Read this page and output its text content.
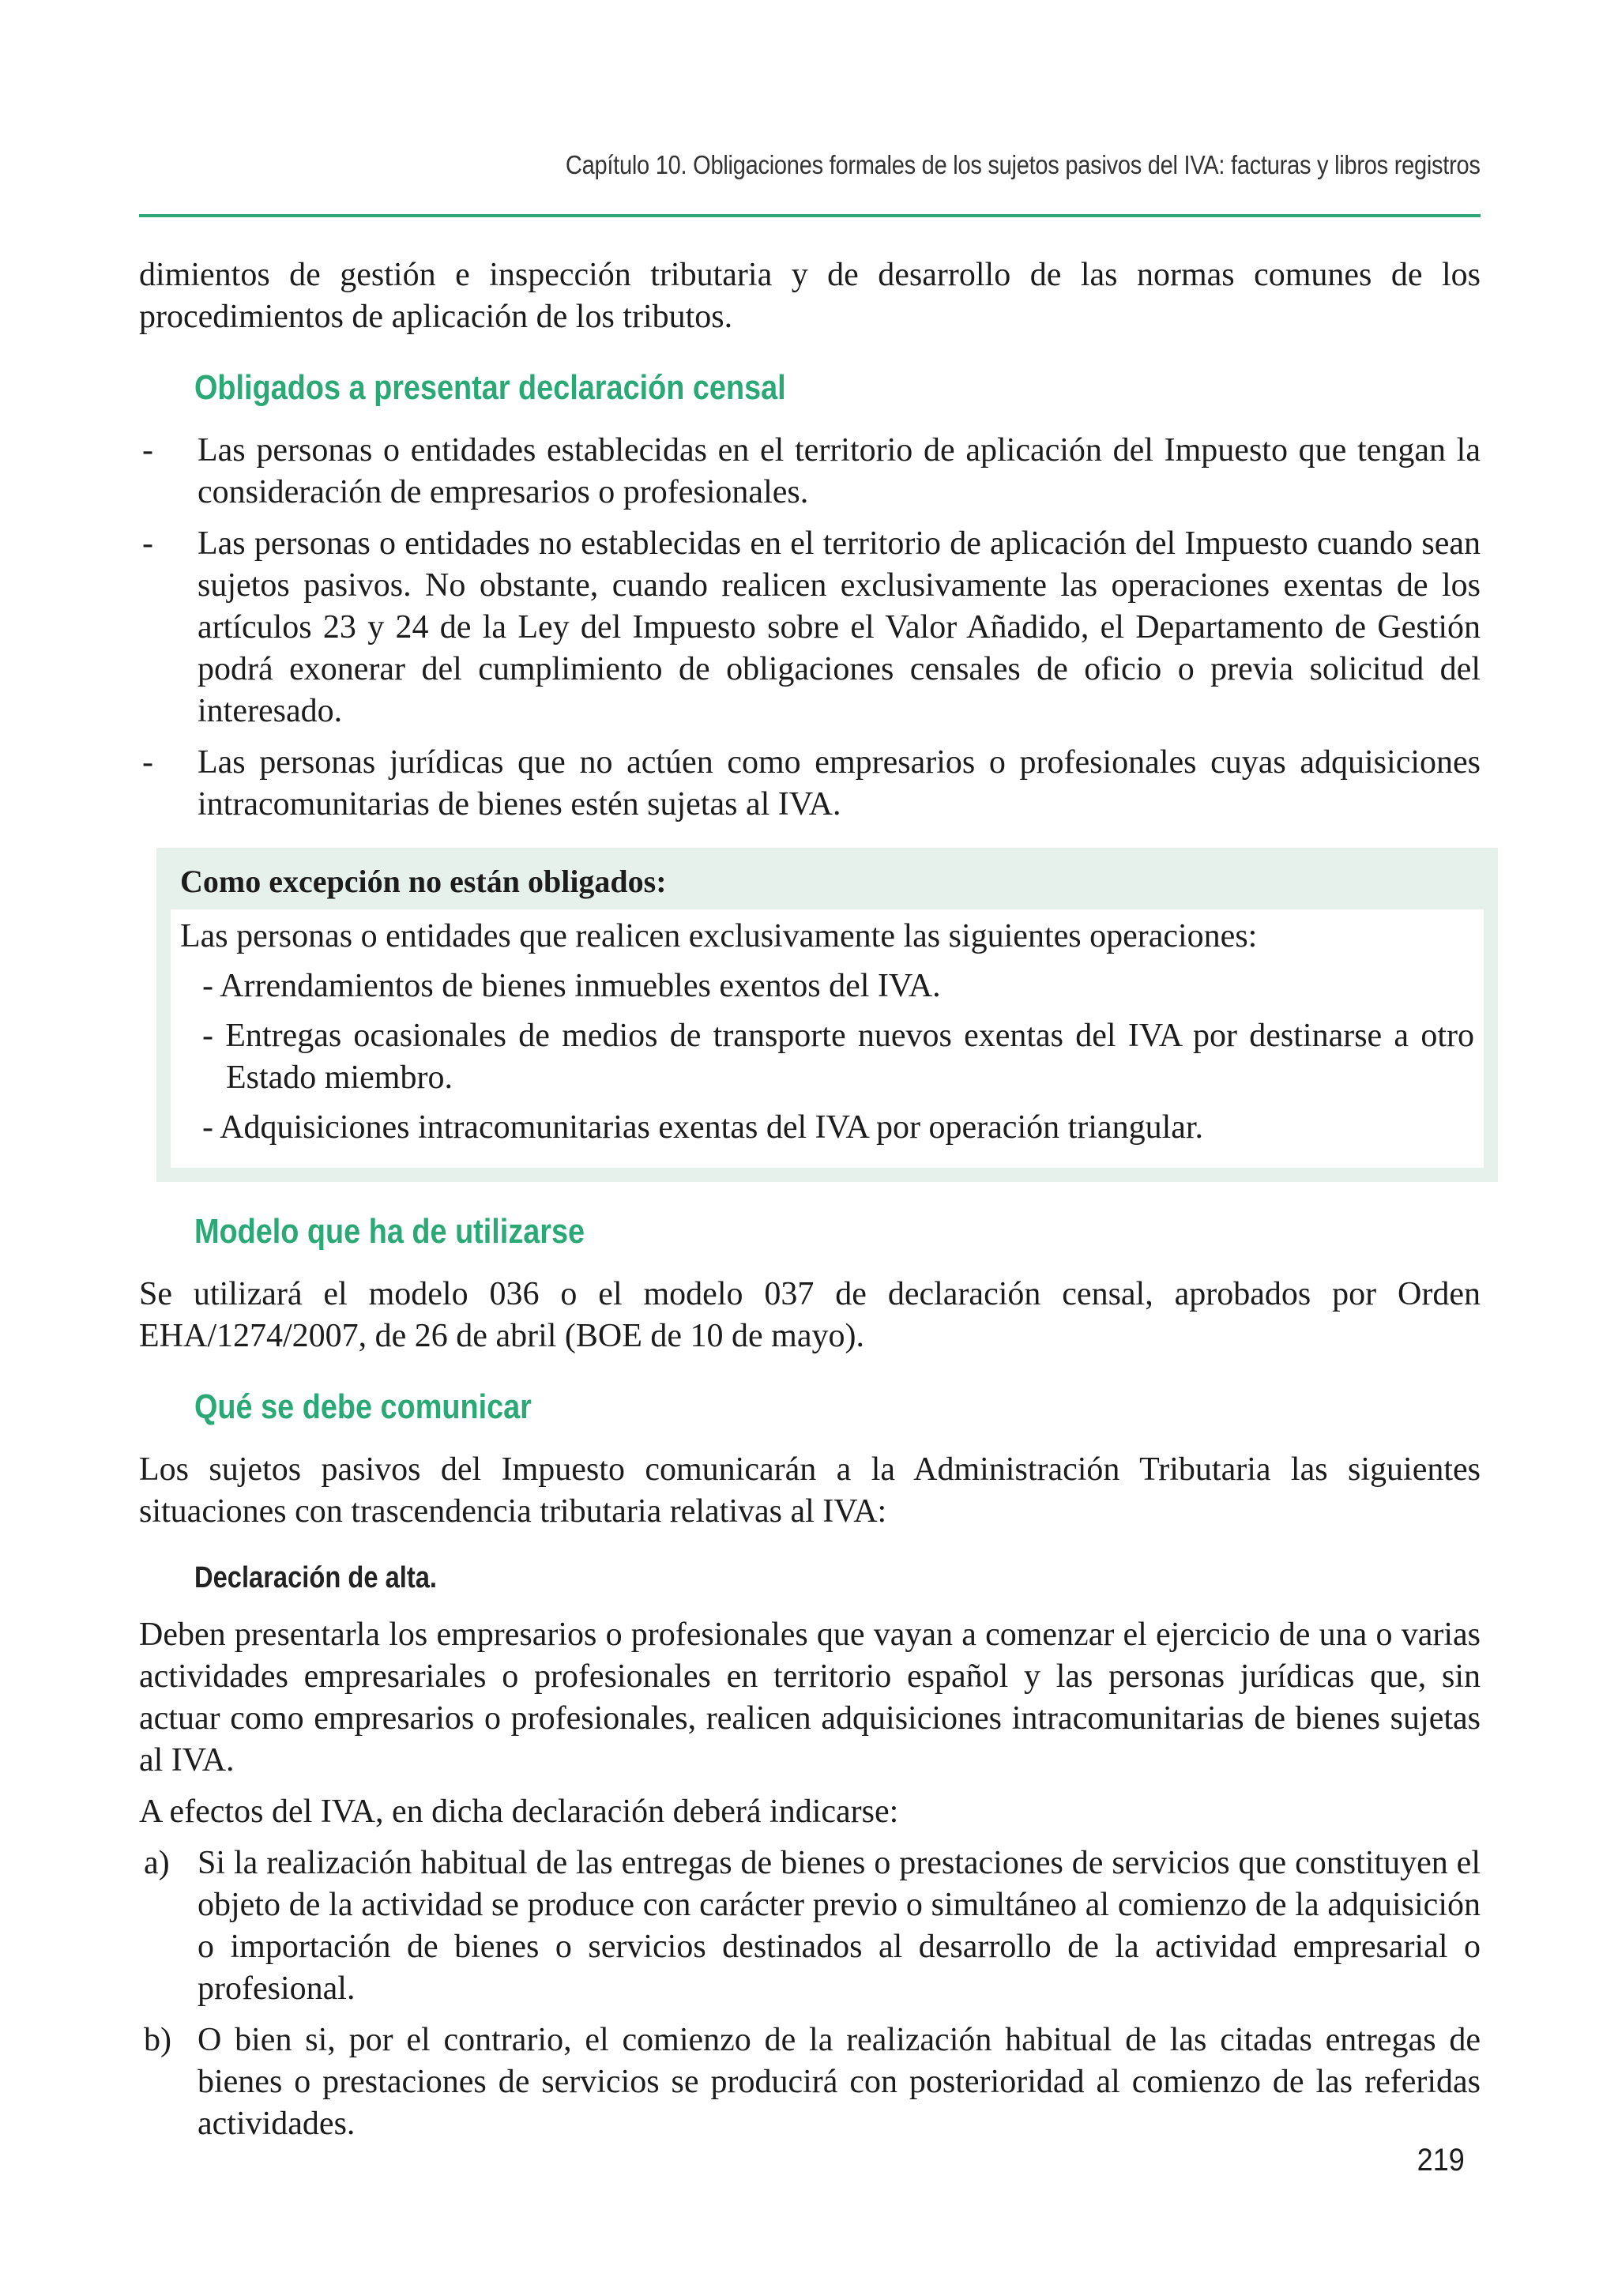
Capítulo 10. Obligaciones formales de los sujetos pasivos del IVA: facturas y libros registros

dimientos de gestión e inspección tributaria y de desarrollo de las normas comunes de los procedimientos de aplicación de los tributos.

Obligados a presentar declaración censal
- Las personas o entidades establecidas en el territorio de aplicación del Impuesto que tengan la consideración de empresarios o profesionales.
- Las personas o entidades no establecidas en el territorio de aplicación del Impuesto cuando sean sujetos pasivos. No obstante, cuando realicen exclusivamente las operaciones exentas de los artículos 23 y 24 de la Ley del Impuesto sobre el Valor Añadido, el Departamento de Gestión podrá exonerar del cumplimiento de obligaciones censales de oficio o previa solicitud del interesado.
- Las personas jurídicas que no actúen como empresarios o profesionales cuyas adquisiciones intracomunitarias de bienes estén sujetas al IVA.
Como excepción no están obligados:

Las personas o entidades que realicen exclusivamente las siguientes operaciones:

- Arrendamientos de bienes inmuebles exentos del IVA.
- Entregas ocasionales de medios de transporte nuevos exentas del IVA por destinarse a otro Estado miembro.
- Adquisiciones intracomunitarias exentas del IVA por operación triangular.
Modelo que ha de utilizarse

Se utilizará el modelo 036 o el modelo 037 de declaración censal, aprobados por Orden EHA/1274/2007, de 26 de abril (BOE de 10 de mayo).

Qué se debe comunicar

Los sujetos pasivos del Impuesto comunicarán a la Administración Tributaria las siguientes situaciones con trascendencia tributaria relativas al IVA:

Declaración de alta.

Deben presentarla los empresarios o profesionales que vayan a comenzar el ejercicio de una o varias actividades empresariales o profesionales en territorio español y las personas jurídicas que, sin actuar como empresarios o profesionales, realicen adquisiciones intracomunitarias de bienes sujetas al IVA.

A efectos del IVA, en dicha declaración deberá indicarse:

a) Si la realización habitual de las entregas de bienes o prestaciones de servicios que constituyen el objeto de la actividad se produce con carácter previo o simultáneo al comienzo de la adquisición o importación de bienes o servicios destinados al desarrollo de la actividad empresarial o profesional.
b) O bien si, por el contrario, el comienzo de la realización habitual de las citadas entregas de bienes o prestaciones de servicios se producirá con posterioridad al comienzo de las referidas actividades.
219
